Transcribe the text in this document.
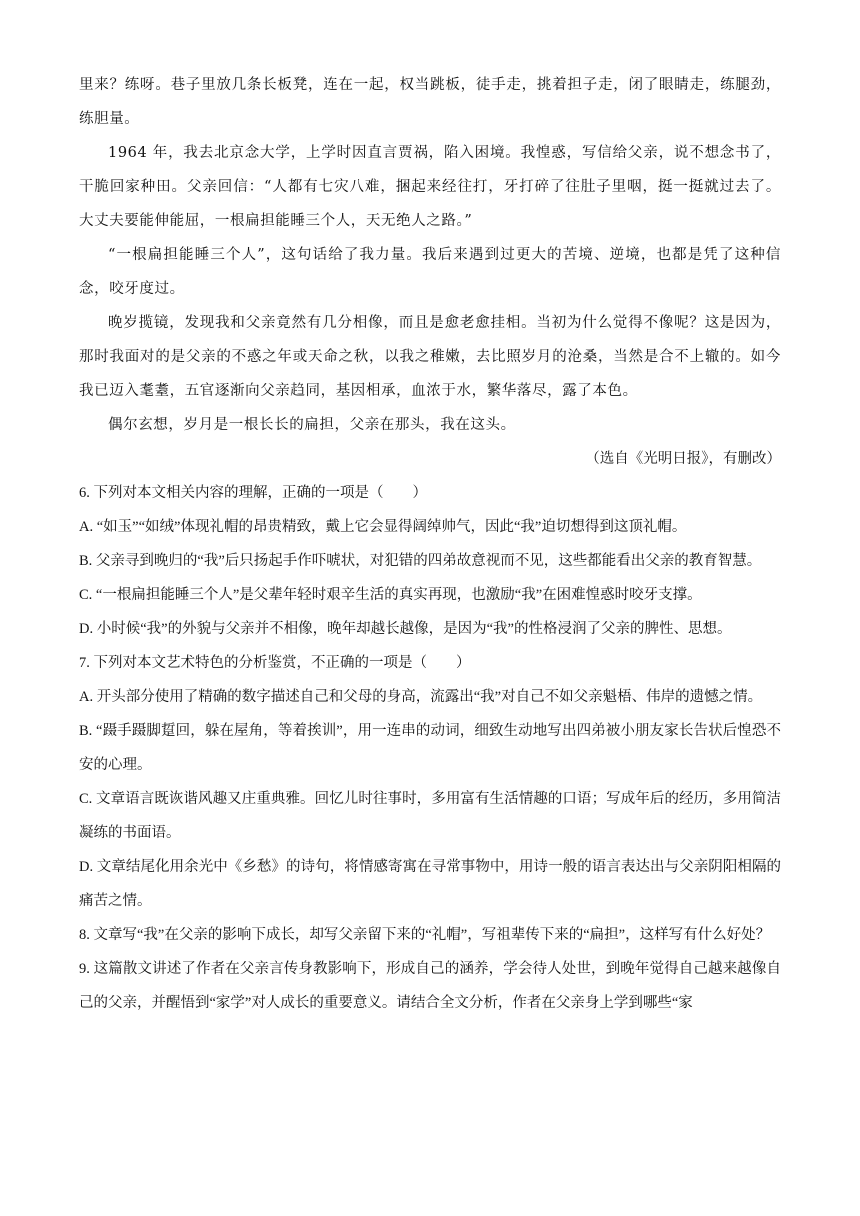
里来？练呀。巷子里放几条长板凳，连在一起，权当跳板，徒手走，挑着担子走，闭了眼睛走，练腿劲，练胆量。

1964 年，我去北京念大学，上学时因直言贾祸，陷入困境。我惶惑，写信给父亲，说不想念书了，干脆回家种田。父亲回信：“人都有七灾八难，捆起来经往打，牙打碎了往肚子里咽，挺一挺就过去了。大丈夫要能伸能屈，一根扁担能睡三个人，天无绝人之路。”

“一根扁担能睡三个人”，这句话给了我力量。我后来遇到过更大的苦境、逆境，也都是凭了这种信念，咬牙度过。

晚岁揽镜，发现我和父亲竟然有几分相像，而且是愈老愈挂相。当初为什么觉得不像呢？这是因为，那时我面对的是父亲的不惑之年或天命之秋，以我之稚嫩，去比照岁月的沧桑，当然是合不上辙的。如今我已迈入耄耋，五官逐渐向父亲趋同，基因相承，血浓于水，繁华落尽，露了本色。

偶尔玄想，岁月是一根长长的扁担，父亲在那头，我在这头。

（选自《光明日报》，有删改）

6. 下列对本文相关内容的理解，正确的一项是（　　）

A. “如玉”“如绒”体现礼帽的昂贵精致，戴上它会显得阔绰帅气，因此“我”迫切想得到这顶礼帽。

B. 父亲寻到晚归的“我”后只扬起手作吓唬状，对犯错的四弟故意视而不见，这些都能看出父亲的教育智慧。

C. “一根扁担能睡三个人”是父辈年轻时艰辛生活的真实再现，也激励“我”在困难惶惑时咬牙支撑。

D. 小时候“我”的外貌与父亲并不相像，晚年却越长越像，是因为“我”的性格浸润了父亲的脾性、思想。

7. 下列对本文艺术特色的分析鉴赏，不正确的一项是（　　）

A. 开头部分使用了精确的数字描述自己和父母的身高，流露出“我”对自己不如父亲魁梧、伟岸的遗憾之情。

B. “蹑手蹑脚踅回，躲在屋角，等着挨训”，用一连串的动词，细致生动地写出四弟被小朋友家长告状后惶恐不安的心理。

C. 文章语言既诙谐风趣又庄重典雅。回忆儿时往事时，多用富有生活情趣的口语；写成年后的经历，多用简洁凝练的书面语。

D. 文章结尾化用余光中《乡愁》的诗句，将情感寄寓在寻常事物中，用诗一般的语言表达出与父亲阴阳相隔的痛苦之情。

8. 文章写“我”在父亲的影响下成长，却写父亲留下来的“礼帽”，写祖辈传下来的“扁担”，这样写有什么好处？

9. 这篇散文讲述了作者在父亲言传身教影响下，形成自己的涵养，学会待人处世，到晚年觉得自己越来越像自己的父亲，并醒悟到“家学”对人成长的重要意义。请结合全文分析，作者在父亲身上学到哪些“家
